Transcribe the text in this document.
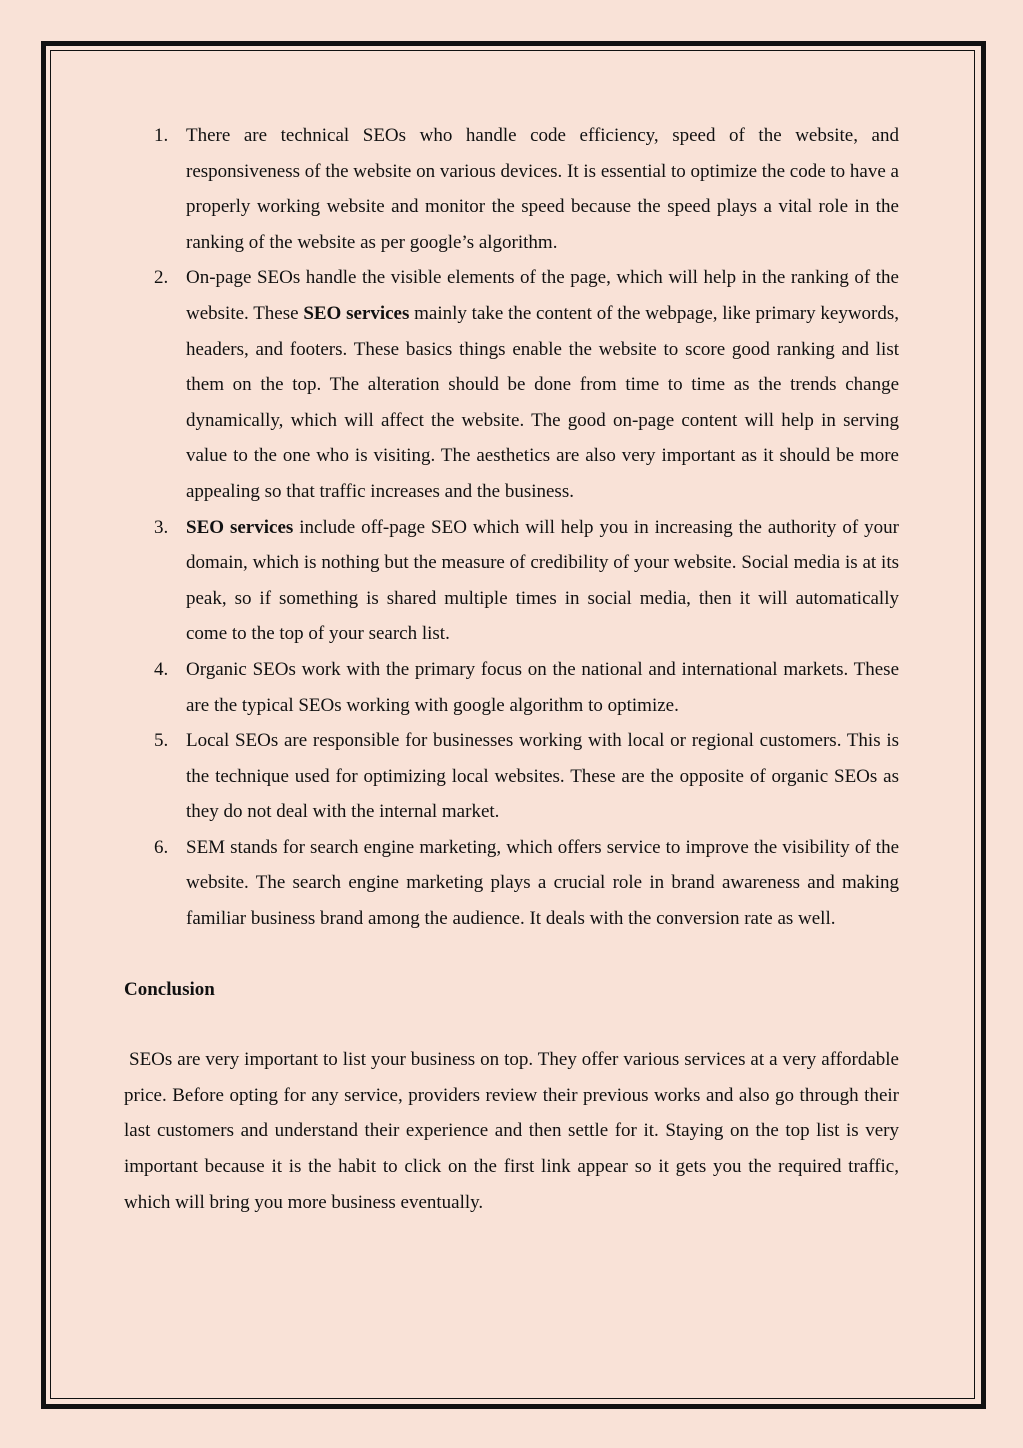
1. There are technical SEOs who handle code efficiency, speed of the website, and responsiveness of the website on various devices. It is essential to optimize the code to have a properly working website and monitor the speed because the speed plays a vital role in the ranking of the website as per google’s algorithm.
2. On-page SEOs handle the visible elements of the page, which will help in the ranking of the website. These SEO services mainly take the content of the webpage, like primary keywords, headers, and footers. These basics things enable the website to score good ranking and list them on the top. The alteration should be done from time to time as the trends change dynamically, which will affect the website. The good on-page content will help in serving value to the one who is visiting. The aesthetics are also very important as it should be more appealing so that traffic increases and the business.
3. SEO services include off-page SEO which will help you in increasing the authority of your domain, which is nothing but the measure of credibility of your website. Social media is at its peak, so if something is shared multiple times in social media, then it will automatically come to the top of your search list.
4. Organic SEOs work with the primary focus on the national and international markets. These are the typical SEOs working with google algorithm to optimize.
5. Local SEOs are responsible for businesses working with local or regional customers. This is the technique used for optimizing local websites. These are the opposite of organic SEOs as they do not deal with the internal market.
6. SEM stands for search engine marketing, which offers service to improve the visibility of the website. The search engine marketing plays a crucial role in brand awareness and making familiar business brand among the audience. It deals with the conversion rate as well.
Conclusion

SEOs are very important to list your business on top. They offer various services at a very affordable price. Before opting for any service, providers review their previous works and also go through their last customers and understand their experience and then settle for it. Staying on the top list is very important because it is the habit to click on the first link appear so it gets you the required traffic, which will bring you more business eventually.
